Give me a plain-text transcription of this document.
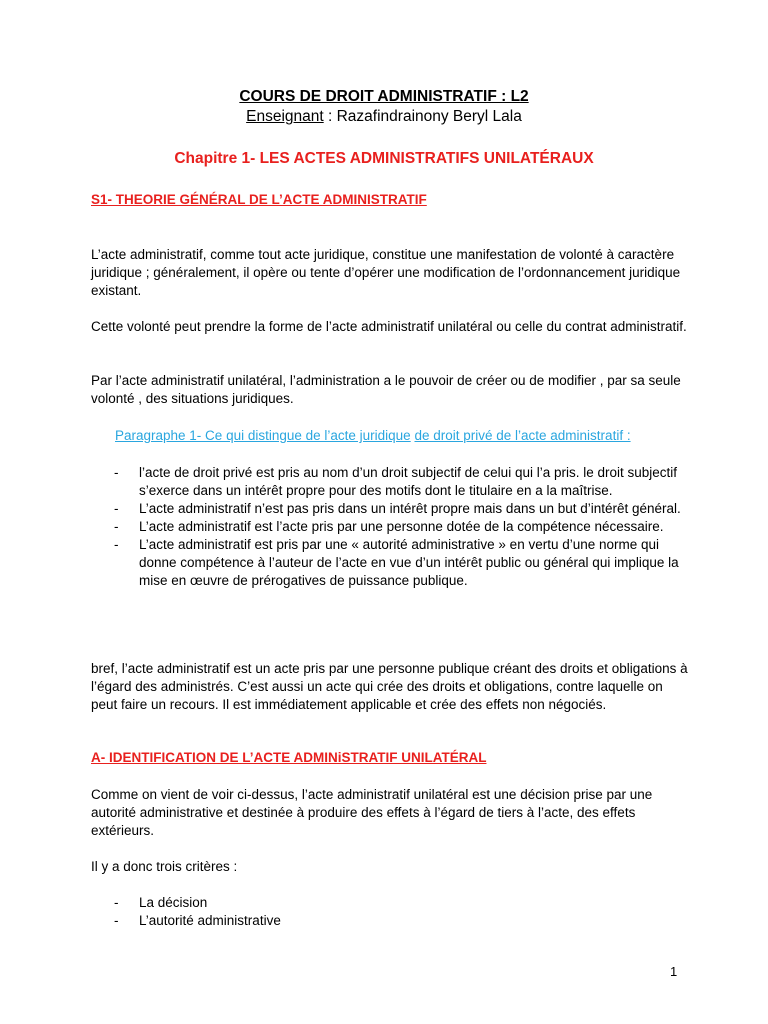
COURS DE DROIT ADMINISTRATIF : L2
Enseignant : Razafindrainony Beryl Lala
Chapitre 1- LES ACTES ADMINISTRATIFS UNILATÉRAUX
S1- THEORIE GÉNÉRAL DE L’ACTE ADMINISTRATIF
L’acte administratif, comme tout acte juridique, constitue une manifestation de volonté à caractère juridique ; généralement, il opère ou tente d’opérer une modification de l’ordonnancement juridique existant.
Cette volonté peut prendre la forme de l’acte administratif unilatéral ou celle du contrat administratif.
Par l’acte administratif unilatéral, l’administration a le pouvoir de créer ou de modifier , par sa seule volonté , des situations juridiques.
Paragraphe 1- Ce qui distingue de l’acte juridique de droit privé de l’acte administratif :
- l’acte de droit privé est pris au nom d’un droit subjectif de celui qui l’a pris. le droit subjectif s’exerce dans un intérêt propre pour des motifs dont le titulaire en a la maîtrise.
- L’acte administratif n’est pas pris dans un intérêt propre mais dans un but d’intérêt général.
- L’acte administratif est l’acte pris par une personne dotée de la compétence nécessaire.
- L’acte administratif est pris par une « autorité administrative » en vertu d’une norme qui donne compétence à l’auteur de l’acte en vue d’un intérêt public ou général qui implique la mise en œuvre de prérogatives de puissance publique.
bref, l’acte administratif est un acte pris par une personne publique créant des droits et obligations à l’égard des administrés. C’est aussi un acte qui crée des droits et obligations, contre laquelle on peut faire un recours. Il est immédiatement applicable et crée des effets non négociés.
A- IDENTIFICATION DE L’ACTE ADMINiSTRATIF UNILATÉRAL
Comme on vient de voir ci-dessus, l’acte administratif unilatéral est une décision prise par une autorité administrative et destinée à produire des effets à l’égard de tiers à l’acte, des effets extérieurs.
Il y a donc trois critères :
- La décision
- L’autorité administrative
1
